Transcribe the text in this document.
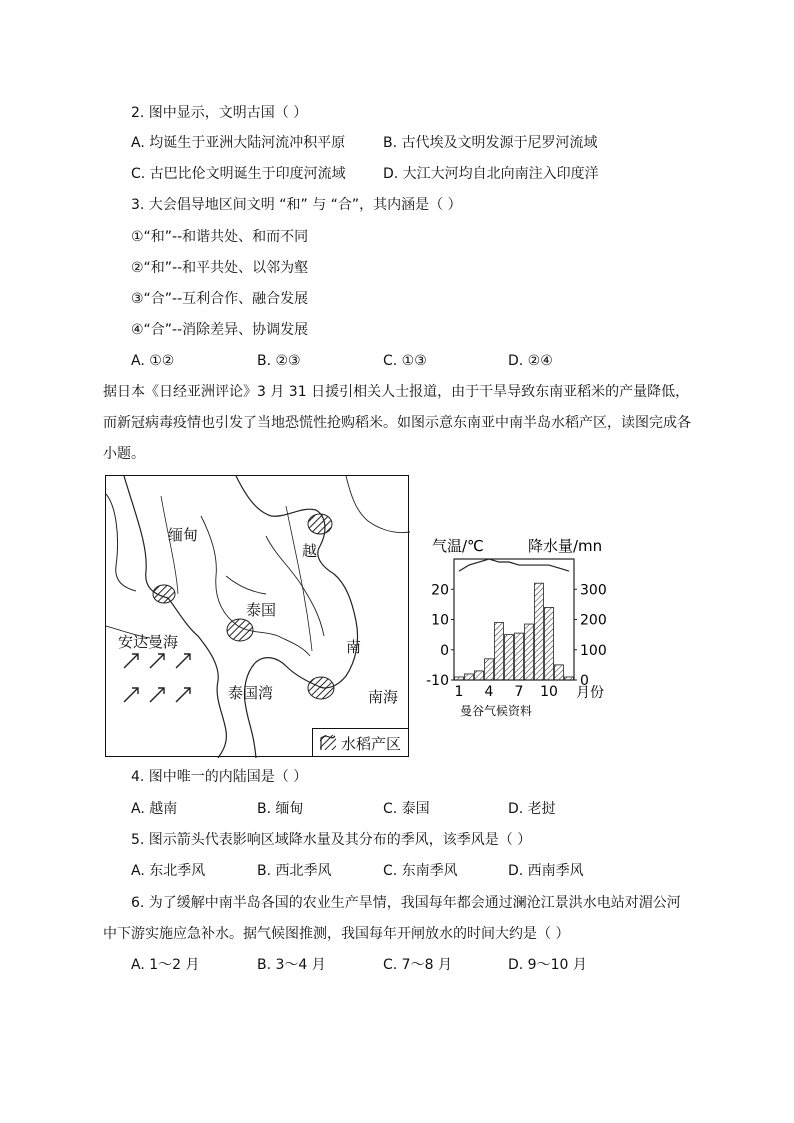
2. 图中显示，文明古国（ ）
A. 均诞生于亚洲大陆河流冲积平原	B. 古代埃及文明发源于尼罗河流域
C. 古巴比伦文明诞生于印度河流域	D. 大江大河均自北向南注入印度洋
3. 大会倡导地区间文明 “和” 与 “合”，其内涵是（ ）
①“和”--和谐共处、和而不同
②“和”--和平共处、以邻为壑
③“合”--互利合作、融合发展
④“合”--消除差异、协调发展
A. ①②	B. ②③	C. ①③	D. ②④
据日本《日经亚洲评论》3 月 31 日援引相关人士报道，由于干旱导致东南亚稻米的产量降低，而新冠病毒疫情也引发了当地恐慌性抢购稻米。如图示意东南亚中南半岛水稻产区，读图完成各小题。
缅甸
越
泰国
安达曼海	南
泰国湾	南海
水稻产区
20
10
0
-10
300
200
100
0
1 4 7 10 月份
气温/℃	降水量/mn
曼谷气候资料
4. 图中唯一的内陆国是（ ）
A. 越南	B. 缅甸	C. 泰国	D. 老挝
5. 图示箭头代表影响区域降水量及其分布的季风，该季风是（ ）
A. 东北季风	B. 西北季风	C. 东南季风	D. 西南季风
6. 为了缓解中南半岛各国的农业生产旱情，我国每年都会通过澜沧江景洪水电站对湄公河
中下游实施应急补水。据气候图推测，我国每年开闸放水的时间大约是（ ）
A. 1～2 月	B. 3～4 月	C. 7～8 月	D. 9～10 月
